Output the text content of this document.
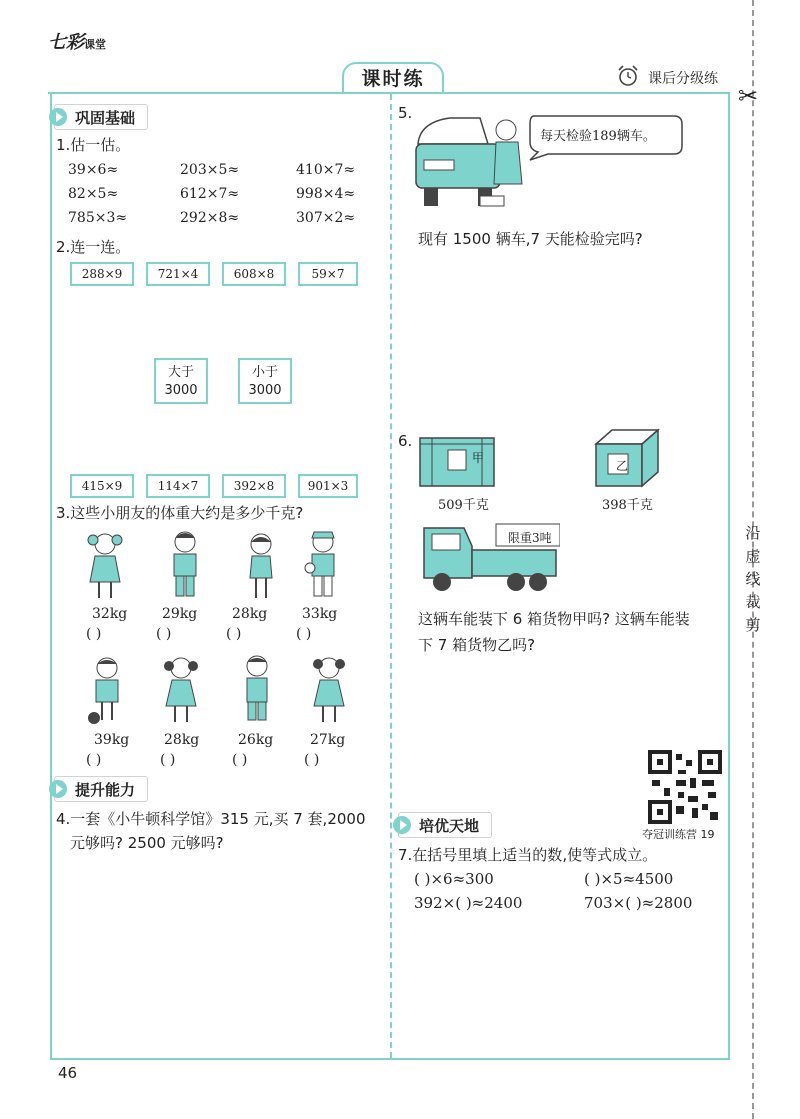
七彩课堂
课时练	课后分级练
✂
沿
虚
线
裁
剪
巩固基础
1.估一估。
39×6≈	203×5≈	410×7≈
82×5≈	612×7≈	998×4≈
785×3≈	292×8≈	307×2≈
2.连一连。
288×9	721×4	608×8	59×7
大于
3000
小于
3000
415×9	114×7	392×8	901×3
3.这些小朋友的体重大约是多少千克?
32kg 29kg 28kg 33kg
( )	( )	( )	( )
39kg 28kg	26kg	27kg
( )	( )	( )	( )
提升能力
4.一套《小牛顿科学馆》315 元,买 7 套,2000
元够吗? 2500 元够吗?
5.
每天检验189辆车。
现有 1500 辆车,7 天能检验完吗?
6.
甲
509千克
乙
398千克
限重3吨
这辆车能装下 6 箱货物甲吗? 这辆车能装
下 7 箱货物乙吗?
夺冠训练营 19
培优天地
7.在括号里填上适当的数,使等式成立。
( )×6≈300	( )×5≈4500
392×( )≈2400	703×( )≈2800
46
